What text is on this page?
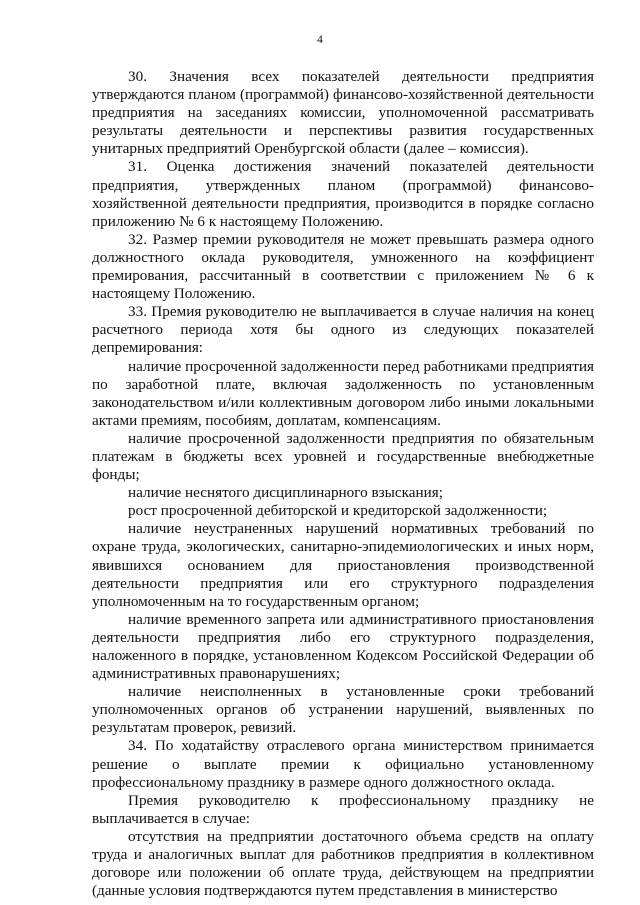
4

30. Значения всех показателей деятельности предприятия утверждаются планом (программой) финансово-хозяйственной деятельности предприятия на заседаниях комиссии, уполномоченной рассматривать результаты деятельности и перспективы развития государственных унитарных предприятий Оренбургской области (далее – комиссия).

31. Оценка достижения значений показателей деятельности предприятия, утвержденных планом (программой) финансово-хозяйственной деятельности предприятия, производится в порядке согласно приложению № 6 к настоящему Положению.

32. Размер премии руководителя не может превышать размера одного должностного оклада руководителя, умноженного на коэффициент премирования, рассчитанный в соответствии с приложением № 6 к настоящему Положению.

33. Премия руководителю не выплачивается в случае наличия на конец расчетного периода хотя бы одного из следующих показателей депремирования:

наличие просроченной задолженности перед работниками предприятия по заработной плате, включая задолженность по установленным законодательством и/или коллективным договором либо иными локальными актами премиям, пособиям, доплатам, компенсациям.

наличие просроченной задолженности предприятия по обязательным платежам в бюджеты всех уровней и государственные внебюджетные фонды;

наличие неснятого дисциплинарного взыскания;

рост просроченной дебиторской и кредиторской задолженности;

наличие неустраненных нарушений нормативных требований по охране труда, экологических, санитарно-эпидемиологических и иных норм, явившихся основанием для приостановления производственной деятельности предприятия или его структурного подразделения уполномоченным на то государственным органом;

наличие временного запрета или административного приостановления деятельности предприятия либо его структурного подразделения, наложенного в порядке, установленном Кодексом Российской Федерации об административных правонарушениях;

наличие неисполненных в установленные сроки требований уполномоченных органов об устранении нарушений, выявленных по результатам проверок, ревизий.

34. По ходатайству отраслевого органа министерством принимается решение о выплате премии к официально установленному профессиональному празднику в размере одного должностного оклада.

Премия руководителю к профессиональному празднику не выплачивается в случае:

отсутствия на предприятии достаточного объема средств на оплату труда и аналогичных выплат для работников предприятия в коллективном договоре или положении об оплате труда, действующем на предприятии (данные условия подтверждаются путем представления в министерство
